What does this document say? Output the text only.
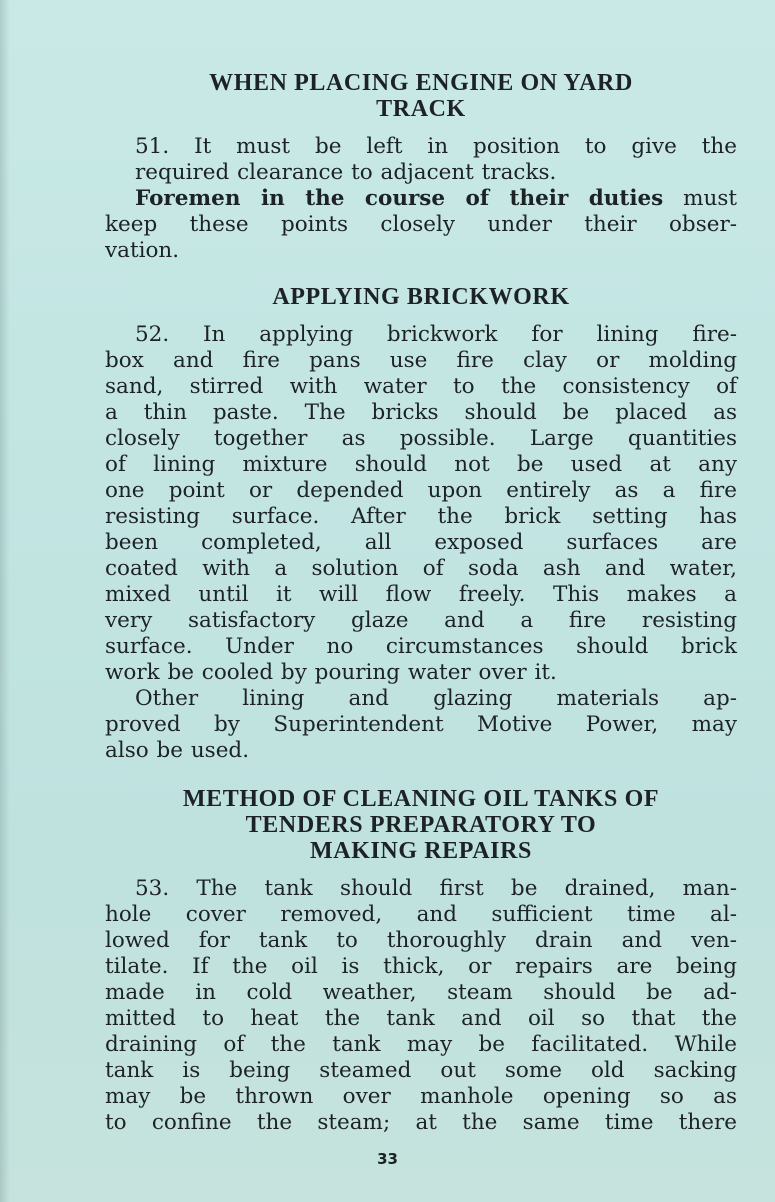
WHEN PLACING ENGINE ON YARD
TRACK

51. It must be left in position to give the
required clearance to adjacent tracks.

Foremen in the course of their duties must
keep these points closely under their obser-
vation.

APPLYING BRICKWORK

52. In applying brickwork for lining fire-
box and fire pans use fire clay or molding
sand, stirred with water to the consistency of
a thin paste. The bricks should be placed as
closely together as possible. Large quantities
of lining mixture should not be used at any
one point or depended upon entirely as a fire
resisting surface. After the brick setting has
been completed, all exposed surfaces are
coated with a solution of soda ash and water,
mixed until it will flow freely. This makes a
very satisfactory glaze and a fire resisting
surface. Under no circumstances should brick
work be cooled by pouring water over it.

Other lining and glazing materials ap-
proved by Superintendent Motive Power, may
also be used.

METHOD OF CLEANING OIL TANKS OF
TENDERS PREPARATORY TO
MAKING REPAIRS

53. The tank should first be drained, man-
hole cover removed, and sufficient time al-
lowed for tank to thoroughly drain and ven-
tilate. If the oil is thick, or repairs are being
made in cold weather, steam should be ad-
mitted to heat the tank and oil so that the
draining of the tank may be facilitated. While
tank is being steamed out some old sacking
may be thrown over manhole opening so as
to confine the steam; at the same time there

33
